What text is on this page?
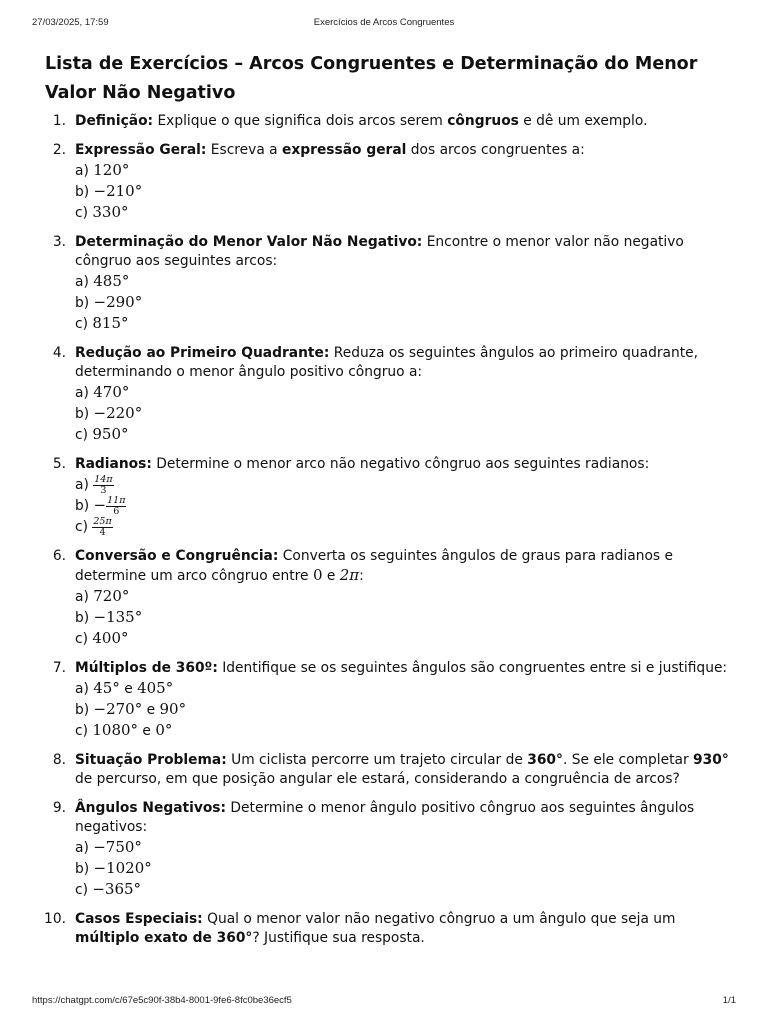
27/03/2025, 17:59	Exercícios de Arcos Congruentes
Lista de Exercícios – Arcos Congruentes e Determinação do Menor Valor Não Negativo
1. Definição: Explique o que significa dois arcos serem côngruos e dê um exemplo.
2. Expressão Geral: Escreva a expressão geral dos arcos congruentes a:
a) 120°
b) −210°
c) 330°
3. Determinação do Menor Valor Não Negativo: Encontre o menor valor não negativo côngruo aos seguintes arcos:
a) 485°
b) −290°
c) 815°
4. Redução ao Primeiro Quadrante: Reduza os seguintes ângulos ao primeiro quadrante, determinando o menor ângulo positivo côngruo a:
a) 470°
b) −220°
c) 950°
5. Radianos: Determine o menor arco não negativo côngruo aos seguintes radianos:
$a) \frac{14\pi}{3}$
$b) - \frac{11\pi}{6}$
$c) \frac{25\pi}{4}$
6. Conversão e Congruência: Converta os seguintes ângulos de graus para radianos e determine um arco côngruo entre 0 e 2π:
a) 720°
b) −135°
c) 400°
7. Múltiplos de 360º: Identifique se os seguintes ângulos são congruentes entre si e justifique:
a) 45° e 405°
b) −270° e 90°
c) 1080° e 0°
8. Situação Problema: Um ciclista percorre um trajeto circular de 360°. Se ele completar 930° de percurso, em que posição angular ele estará, considerando a congruência de arcos?
9. Ângulos Negativos: Determine o menor ângulo positivo côngruo aos seguintes ângulos negativos:
a) −750°
b) −1020°
c) −365°
10. Casos Especiais: Qual o menor valor não negativo côngruo a um ângulo que seja um múltiplo exato de 360°? Justifique sua resposta.
https://chatgpt.com/c/67e5c90f-38b4-8001-9fe6-8fc0be36ecf5	1/1
